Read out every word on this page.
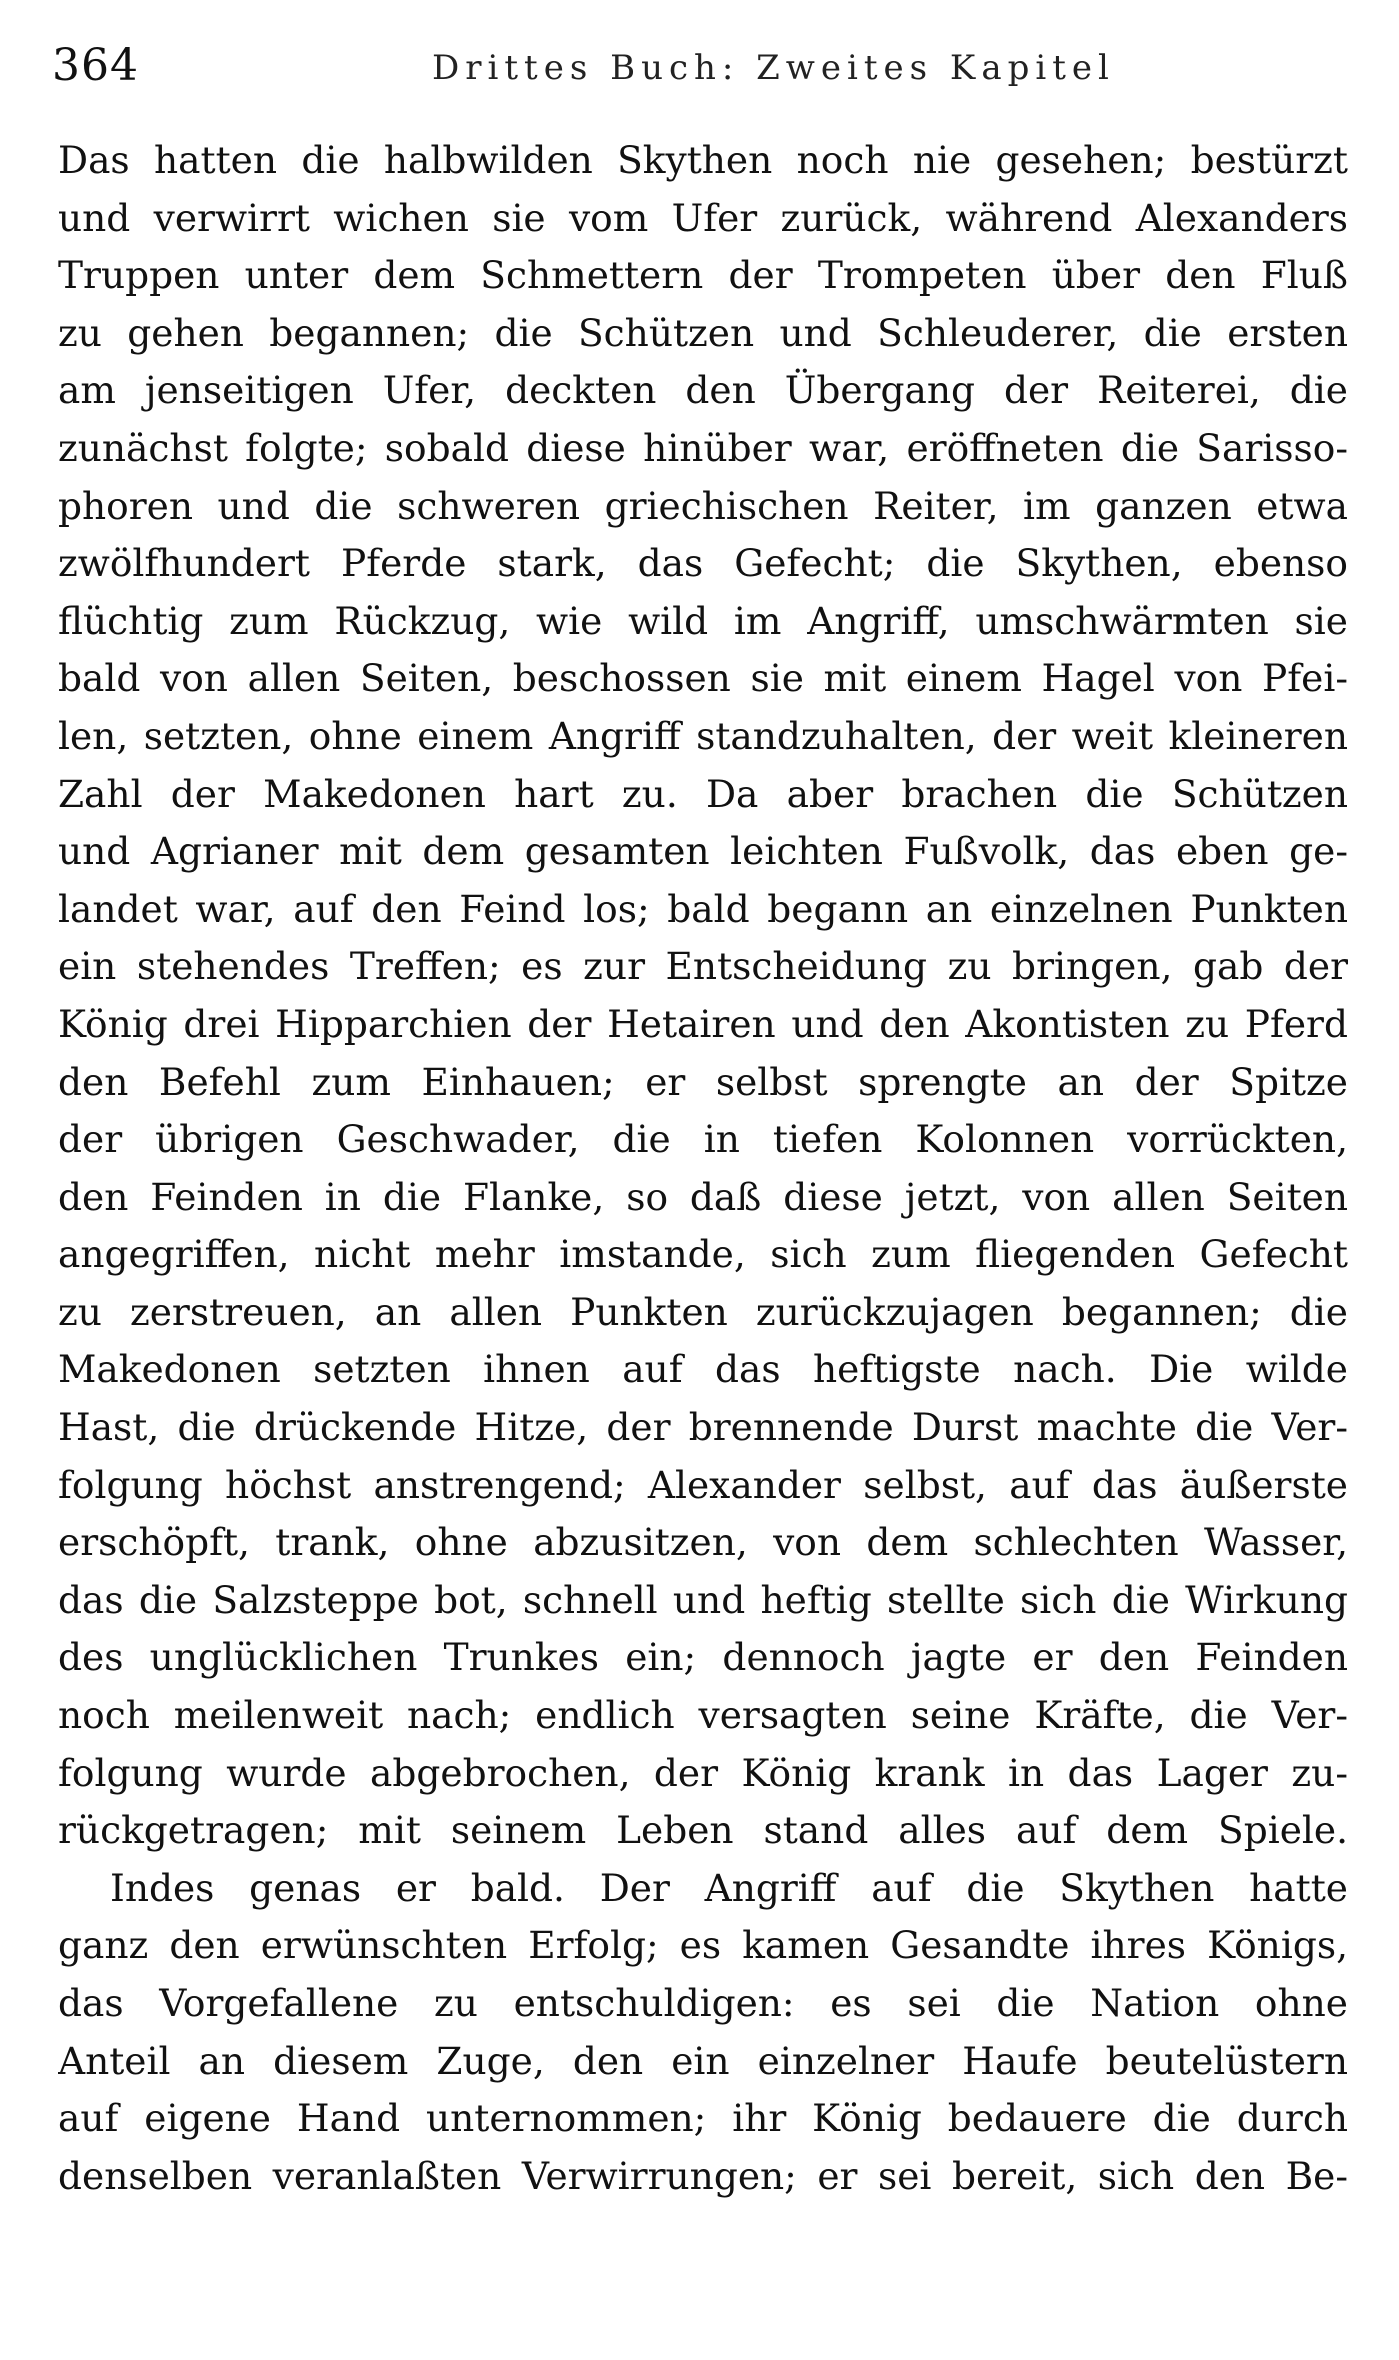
364	Drittes Buch: Zweites Kapitel
Das hatten die halbwilden Skythen noch nie gesehen; bestürzt
und verwirrt wichen sie vom Ufer zurück, während Alexanders
Truppen unter dem Schmettern der Trompeten über den Fluß
zu gehen begannen; die Schützen und Schleuderer, die ersten
am jenseitigen Ufer, deckten den Übergang der Reiterei, die
zunächst folgte; sobald diese hinüber war, eröffneten die Sarisso-
phoren und die schweren griechischen Reiter, im ganzen etwa
zwölfhundert Pferde stark, das Gefecht; die Skythen, ebenso
flüchtig zum Rückzug, wie wild im Angriff, umschwärmten sie
bald von allen Seiten, beschossen sie mit einem Hagel von Pfei-
len, setzten, ohne einem Angriff standzuhalten, der weit kleineren
Zahl der Makedonen hart zu. Da aber brachen die Schützen
und Agrianer mit dem gesamten leichten Fußvolk, das eben ge-
landet war, auf den Feind los; bald begann an einzelnen Punkten
ein stehendes Treffen; es zur Entscheidung zu bringen, gab der
König drei Hipparchien der Hetairen und den Akontisten zu Pferd
den Befehl zum Einhauen; er selbst sprengte an der Spitze
der übrigen Geschwader, die in tiefen Kolonnen vorrückten,
den Feinden in die Flanke, so daß diese jetzt, von allen Seiten
angegriffen, nicht mehr imstande, sich zum fliegenden Gefecht
zu zerstreuen, an allen Punkten zurückzujagen begannen; die
Makedonen setzten ihnen auf das heftigste nach. Die wilde
Hast, die drückende Hitze, der brennende Durst machte die Ver-
folgung höchst anstrengend; Alexander selbst, auf das äußerste
erschöpft, trank, ohne abzusitzen, von dem schlechten Wasser,
das die Salzsteppe bot, schnell und heftig stellte sich die Wirkung
des unglücklichen Trunkes ein; dennoch jagte er den Feinden
noch meilenweit nach; endlich versagten seine Kräfte, die Ver-
folgung wurde abgebrochen, der König krank in das Lager zu-
rückgetragen; mit seinem Leben stand alles auf dem Spiele.
Indes genas er bald. Der Angriff auf die Skythen hatte
ganz den erwünschten Erfolg; es kamen Gesandte ihres Königs,
das Vorgefallene zu entschuldigen: es sei die Nation ohne
Anteil an diesem Zuge, den ein einzelner Haufe beutelüstern
auf eigene Hand unternommen; ihr König bedauere die durch
denselben veranlaßten Verwirrungen; er sei bereit, sich den Be-
